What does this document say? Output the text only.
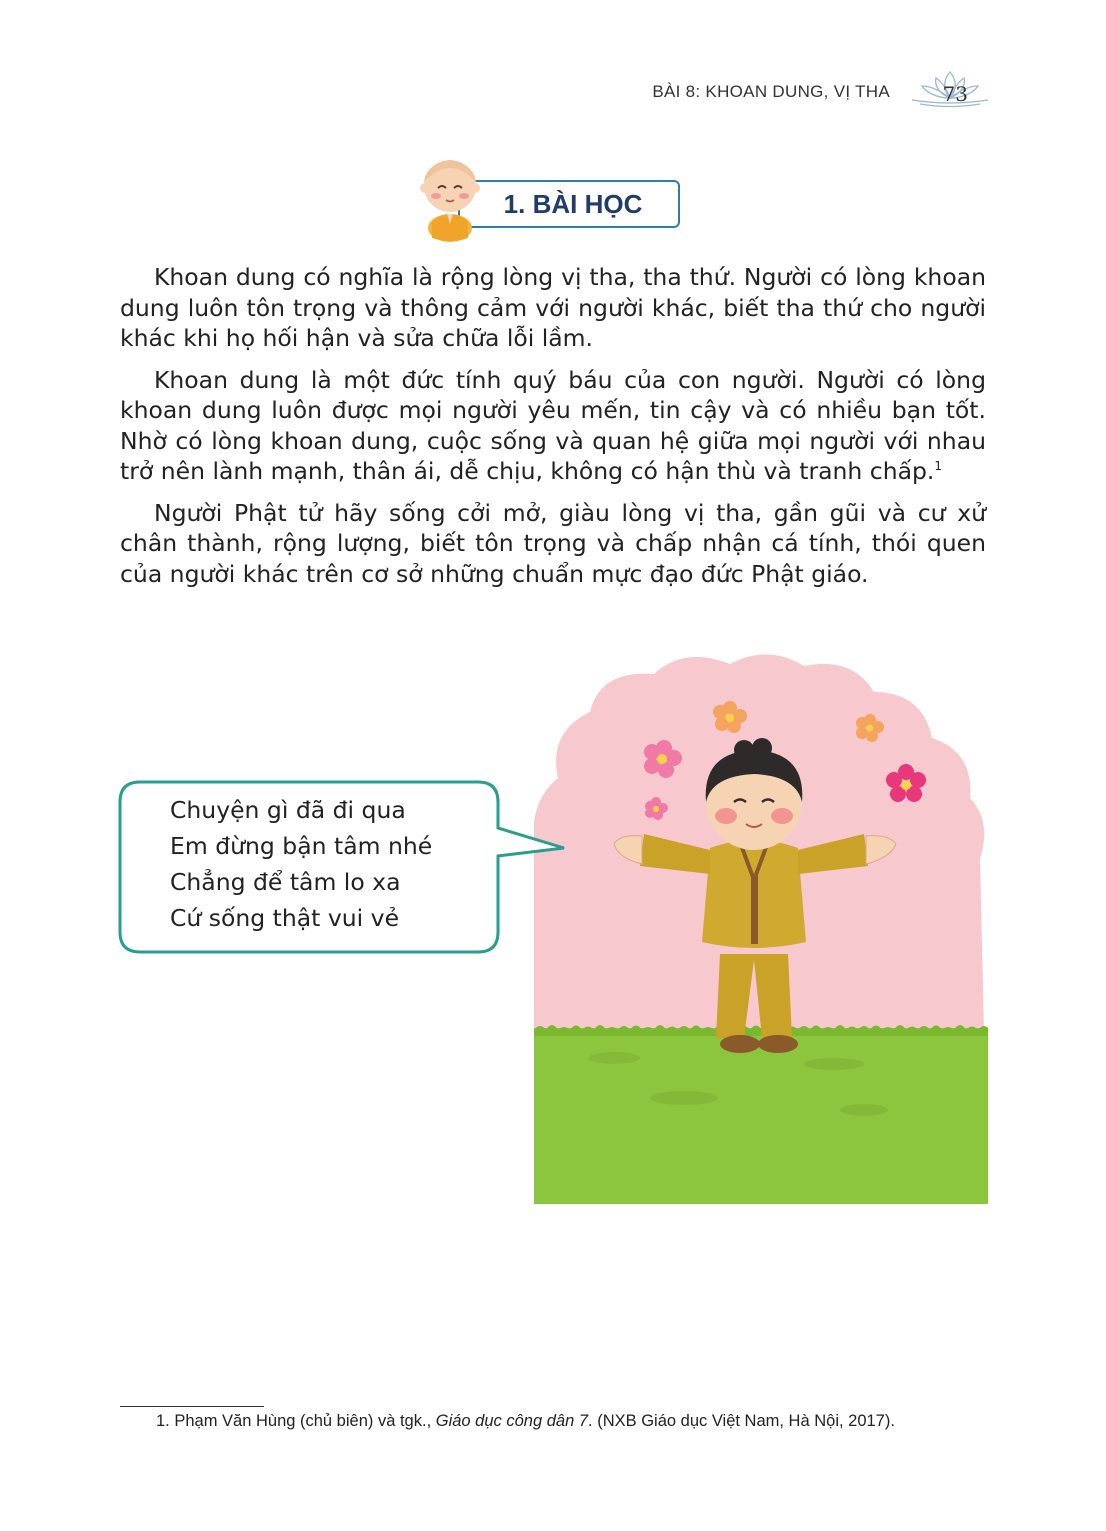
BÀI 8: KHOAN DUNG, VỊ THA	73
1. BÀI HỌC

Khoan dung có nghĩa là rộng lòng vị tha, tha thứ. Người có lòng khoan dung luôn tôn trọng và thông cảm với người khác, biết tha thứ cho người khác khi họ hối hận và sửa chữa lỗi lầm.

Khoan dung là một đức tính quý báu của con người. Người có lòng khoan dung luôn được mọi người yêu mến, tin cậy và có nhiều bạn tốt. Nhờ có lòng khoan dung, cuộc sống và quan hệ giữa mọi người với nhau trở nên lành mạnh, thân ái, dễ chịu, không có hận thù và tranh chấp.$^1$

Người Phật tử hãy sống cởi mở, giàu lòng vị tha, gần gũi và cư xử chân thành, rộng lượng, biết tôn trọng và chấp nhận cá tính, thói quen của người khác trên cơ sở những chuẩn mực đạo đức Phật giáo.

Chuyện gì đã đi qua
Em đừng bận tâm nhé
Chẳng để tâm lo xa
Cứ sống thật vui vẻ
1. Phạm Văn Hùng (chủ biên) và tgk., Giáo dục công dân 7. (NXB Giáo dục Việt Nam, Hà Nội, 2017).
